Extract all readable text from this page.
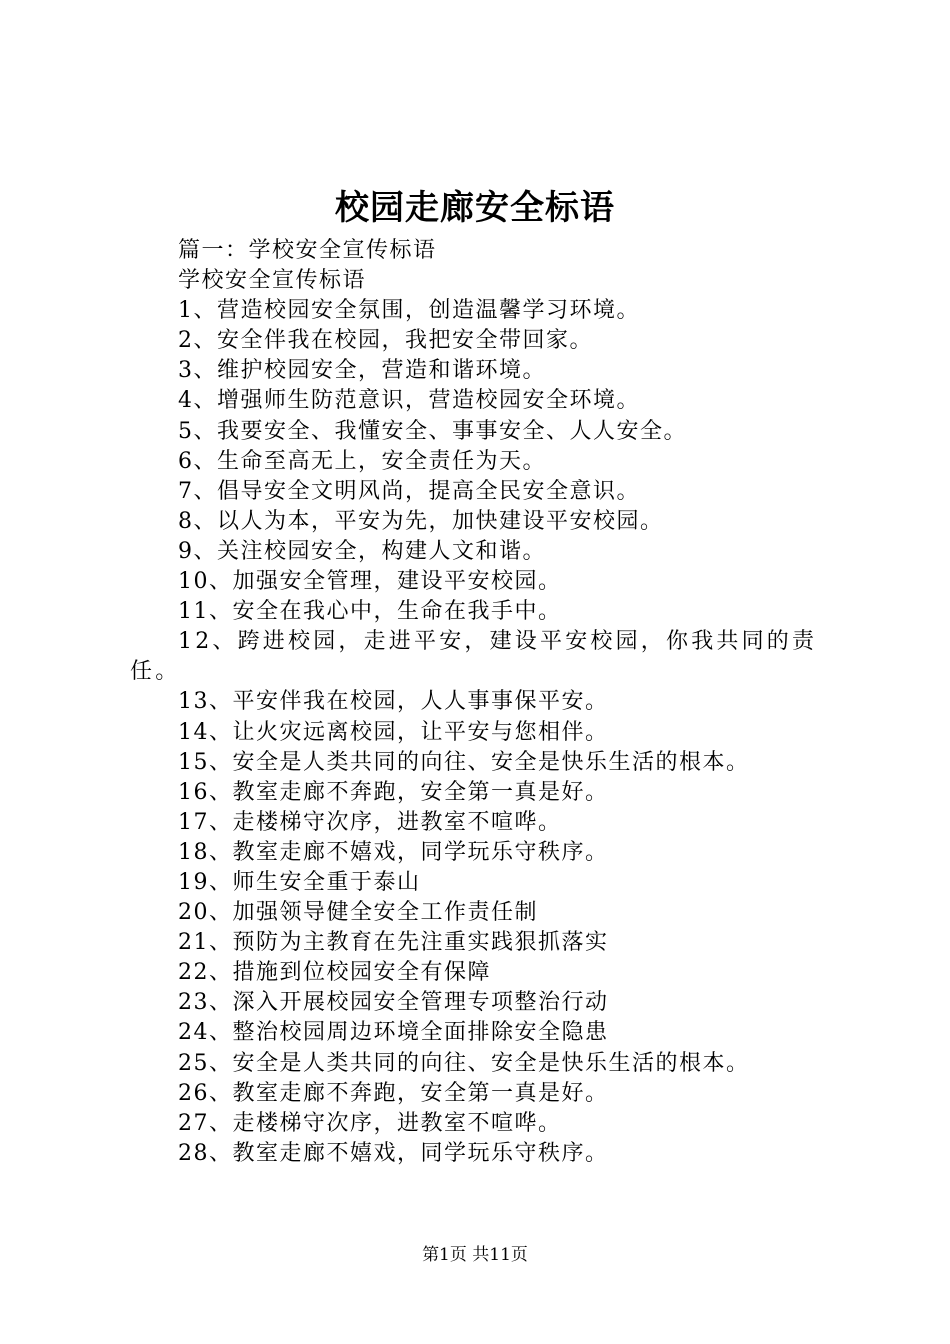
校园走廊安全标语

篇一：学校安全宣传标语

学校安全宣传标语

1、营造校园安全氛围，创造温馨学习环境。

2、安全伴我在校园，我把安全带回家。

3、维护校园安全，营造和谐环境。

4、增强师生防范意识，营造校园安全环境。

5、我要安全、我懂安全、事事安全、人人安全。

6、生命至高无上，安全责任为天。

7、倡导安全文明风尚，提高全民安全意识。

8、以人为本，平安为先，加快建设平安校园。

9、关注校园安全，构建人文和谐。

10、加强安全管理，建设平安校园。

11、安全在我心中，生命在我手中。

12、跨进校园，走进平安，建设平安校园，你我共同的责任。

13、平安伴我在校园，人人事事保平安。

14、让火灾远离校园，让平安与您相伴。

15、安全是人类共同的向往、安全是快乐生活的根本。

16、教室走廊不奔跑，安全第一真是好。

17、走楼梯守次序，进教室不喧哗。

18、教室走廊不嬉戏，同学玩乐守秩序。

19、师生安全重于泰山

20、加强领导健全安全工作责任制

21、预防为主教育在先注重实践狠抓落实

22、措施到位校园安全有保障

23、深入开展校园安全管理专项整治行动

24、整治校园周边环境全面排除安全隐患

25、安全是人类共同的向往、安全是快乐生活的根本。

26、教室走廊不奔跑，安全第一真是好。

27、走楼梯守次序，进教室不喧哗。

28、教室走廊不嬉戏，同学玩乐守秩序。

第1页 共11页
